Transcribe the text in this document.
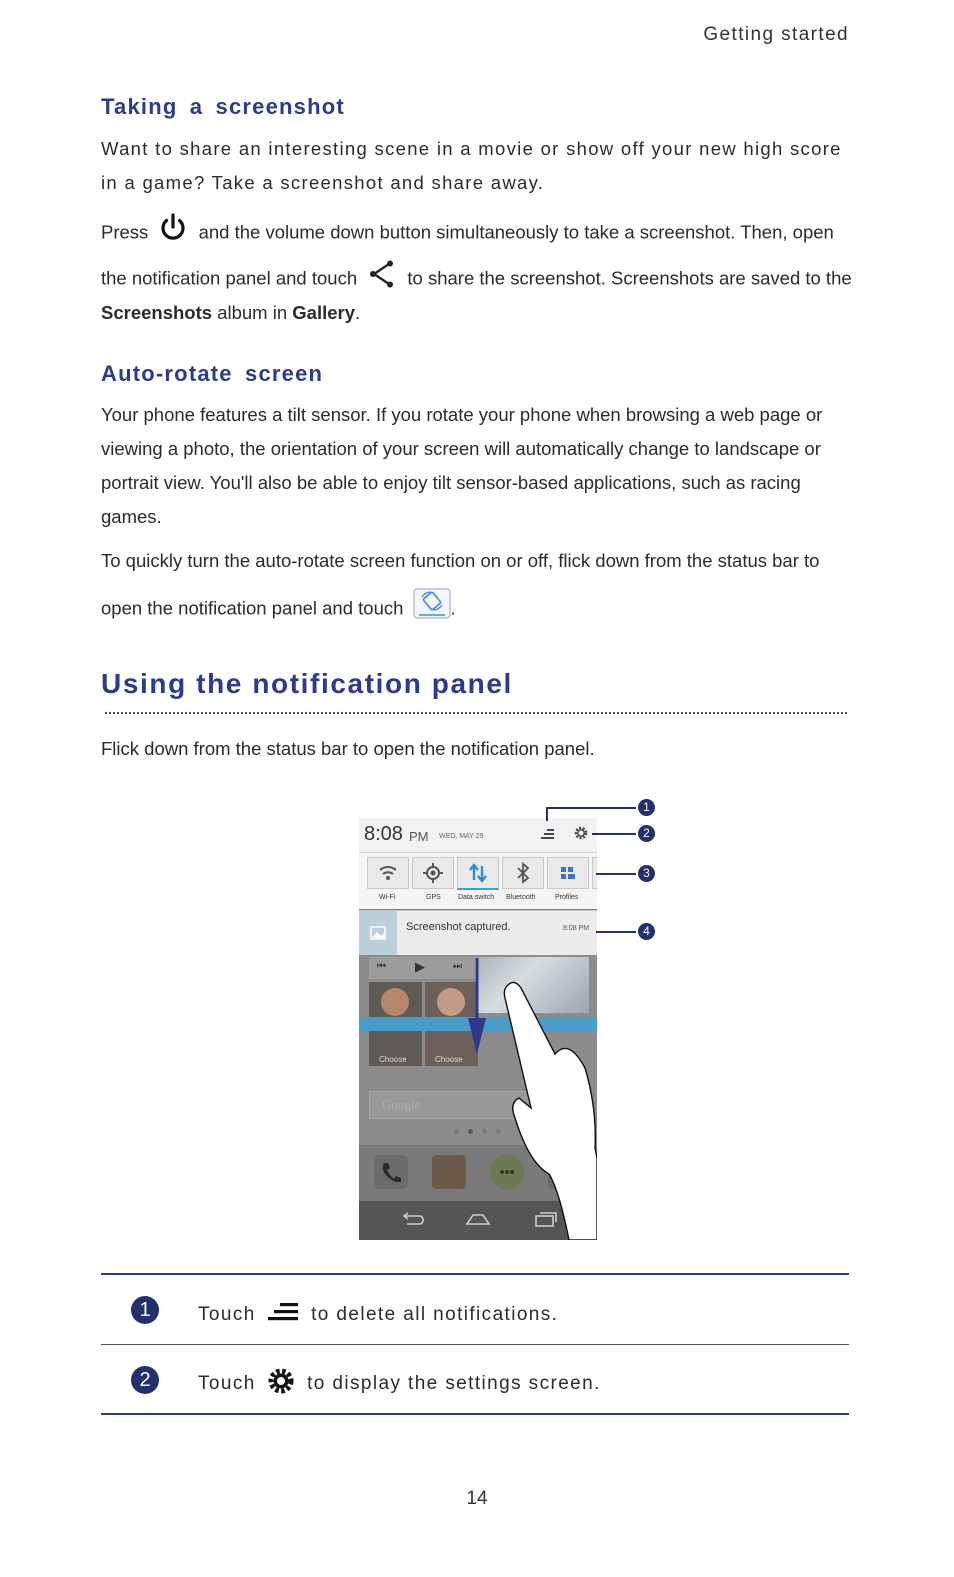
Getting started
Taking a screenshot
Want to share an interesting scene in a movie or show off your new high score in a game? Take a screenshot and share away.
Press	and the volume down button simultaneously to take a screenshot. Then, open
the notification panel and touch	to share the screenshot. Screenshots are saved to the
Screenshots album in Gallery.
Auto-rotate screen
Your phone features a tilt sensor. If you rotate your phone when browsing a web page or viewing a photo, the orientation of your screen will automatically change to landscape or portrait view. You'll also be able to enjoy tilt sensor-based applications, such as racing games.
To quickly turn the auto-rotate screen function on or off, flick down from the status bar to
open the notification panel and touch	.
Using the notification panel
Flick down from the status bar to open the notification panel.
8:08 PM WED, MAY 29
Wi-Fi	GPS Data switch Bluetooth	Profiles
Screenshot captured.	8:08 PM
⏮ ▶	⏭
Choose	Choose
Google
1
2
3
4
1	Touch	to delete all notifications.
2	Touch	to display the settings screen.
14
